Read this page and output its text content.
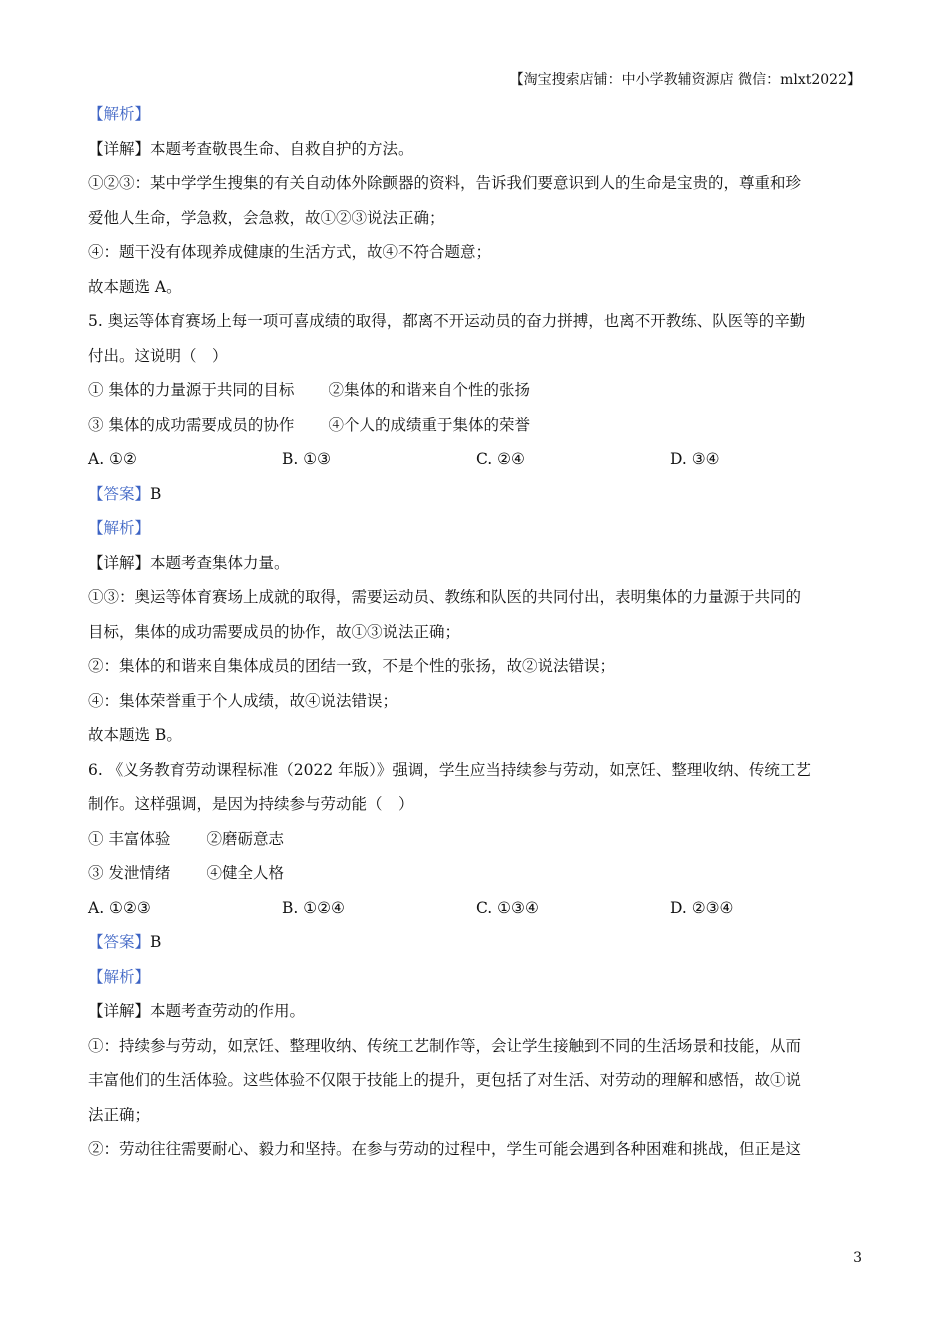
【淘宝搜索店铺：中小学教辅资源店 微信：mlxt2022】
【解析】
【详解】本题考查敬畏生命、自救自护的方法。
①②③：某中学学生搜集的有关自动体外除颤器的资料，告诉我们要意识到人的生命是宝贵的，尊重和珍
爱他人生命，学急救，会急救，故①②③说法正确；
④：题干没有体现养成健康的生活方式，故④不符合题意；
故本题选 A。
5. 奥运等体育赛场上每一项可喜成绩的取得，都离不开运动员的奋力拼搏，也离不开教练、队医等的辛勤
付出。这说明（　）
① 集体的力量源于共同的目标 ②集体的和谐来自个性的张扬
③ 集体的成功需要成员的协作 ④个人的成绩重于集体的荣誉
A. ①②	B. ①③	C. ②④	D. ③④
【答案】B
【解析】
【详解】本题考查集体力量。
①③：奥运等体育赛场上成就的取得，需要运动员、教练和队医的共同付出，表明集体的力量源于共同的
目标，集体的成功需要成员的协作，故①③说法正确；
②：集体的和谐来自集体成员的团结一致，不是个性的张扬，故②说法错误；
④：集体荣誉重于个人成绩，故④说法错误；
故本题选 B。
6. 《义务教育劳动课程标准（2022 年版）》强调，学生应当持续参与劳动，如烹饪、整理收纳、传统工艺
制作。这样强调，是因为持续参与劳动能（　）
① 丰富体验 ②磨砺意志
③ 发泄情绪 ④健全人格
A. ①②③	B. ①②④	C. ①③④	D. ②③④
【答案】B
【解析】
【详解】本题考查劳动的作用。
①：持续参与劳动，如烹饪、整理收纳、传统工艺制作等，会让学生接触到不同的生活场景和技能，从而
丰富他们的生活体验。这些体验不仅限于技能上的提升，更包括了对生活、对劳动的理解和感悟，故①说
法正确；
②：劳动往往需要耐心、毅力和坚持。在参与劳动的过程中，学生可能会遇到各种困难和挑战，但正是这
3
